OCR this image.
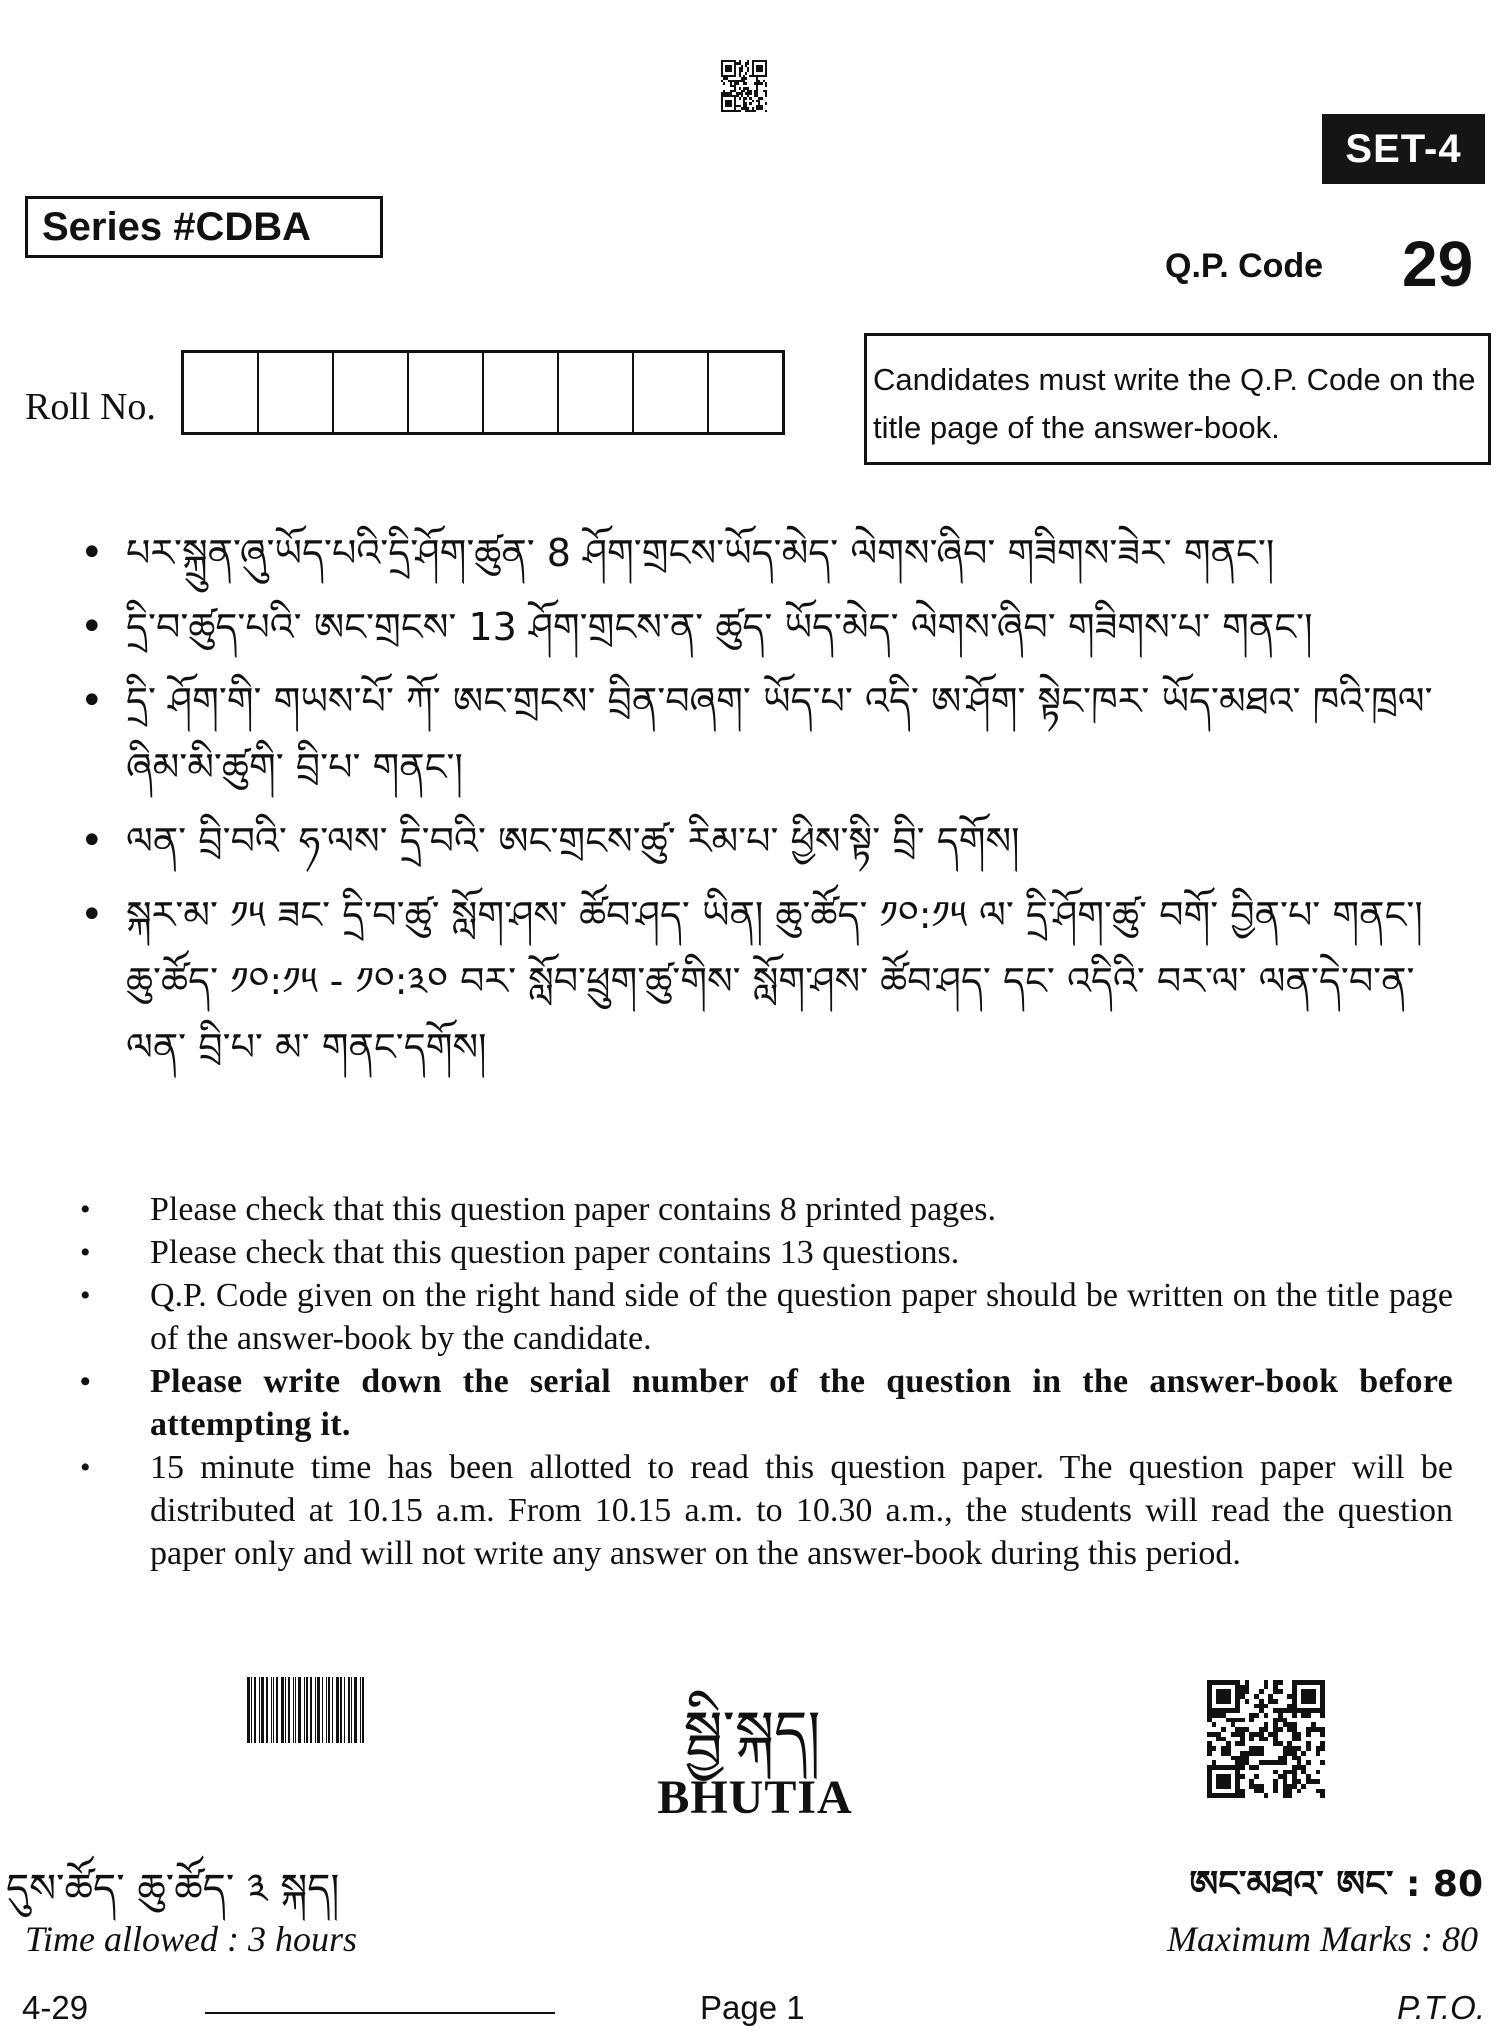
SET-4
Series #CDBA
Q.P. Code 29
Roll No.
Candidates must write the Q.P. Code on the title page of the answer-book.
• པར་སྐྲུན་ཞུ་ཡོད་པའི་དྲི་ཤོག་ཚུན་ 8 ཤོག་གྲངས་ཡོད་མེད་ ལེགས་ཞིབ་ གཟིགས་ཟེར་ གནང་།
• དྲི་བ་ཚུད་པའི་ ཨང་གྲངས་ 13 ཤོག་གྲངས་ན་ ཚུད་ ཡོད་མེད་ ལེགས་ཞིབ་ གཟིགས་པ་ གནང་།
• དྲི་ ཤོག་གི་ གཡས་པོ་ ཀོ་ ཨང་གྲངས་ བྲིན་བཞག་ ཡོད་པ་ འདི་ ཨ་ཤོག་ སྟེང་ཁར་ ཡོད་མཐའ་ ཁའི་ཁྲལ་ ཞིམ་མི་ཚུགི་ བྲི་པ་ གནང་།
• ལན་ བྲི་བའི་ ཧ་ལས་ དྲི་བའི་ ཨང་གྲངས་ཚུ་ རིམ་པ་ ཕྱིས་སྟི་ བྲི་ དགོས།
• སྐར་མ་ ༡༥ ཟང་ དྲི་བ་ཚུ་ སློག་ཤས་ ཚོབ་ཤད་ ཡིན། ཆུ་ཚོད་ ༡༠:༡༥ ལ་ དྲི་ཤོག་ཚུ་ བགོ་ བྱིན་པ་ གནང་། ཆུ་ཚོད་ ༡༠:༡༥ - ༡༠:༣༠ བར་ སློབ་ཕྲུག་ཚུ་གིས་ སློག་ཤས་ ཚོབ་ཤད་ དང་ འདིའི་ བར་ལ་ ལན་དེ་བ་ན་ ལན་ བྲི་པ་ མ་ གནང་དགོས།
• Please check that this question paper contains 8 printed pages.
• Please check that this question paper contains 13 questions.
• Q.P. Code given on the right hand side of the question paper should be written on the title page of the answer-book by the candidate.
• Please write down the serial number of the question in the answer-book before attempting it.
• 15 minute time has been allotted to read this question paper. The question paper will be distributed at 10.15 a.m. From 10.15 a.m. to 10.30 a.m., the students will read the question paper only and will not write any answer on the answer-book during this period.
སྦྱི་སྐད།
BHUTIA
དུས་ཚོད་ ཆུ་ཚོད་ ༣ སྐད།	ཨང་མཐའ་ ཨང་ : 80
Time allowed : 3 hours	Maximum Marks : 80
4-29	Page 1	P.T.O.
